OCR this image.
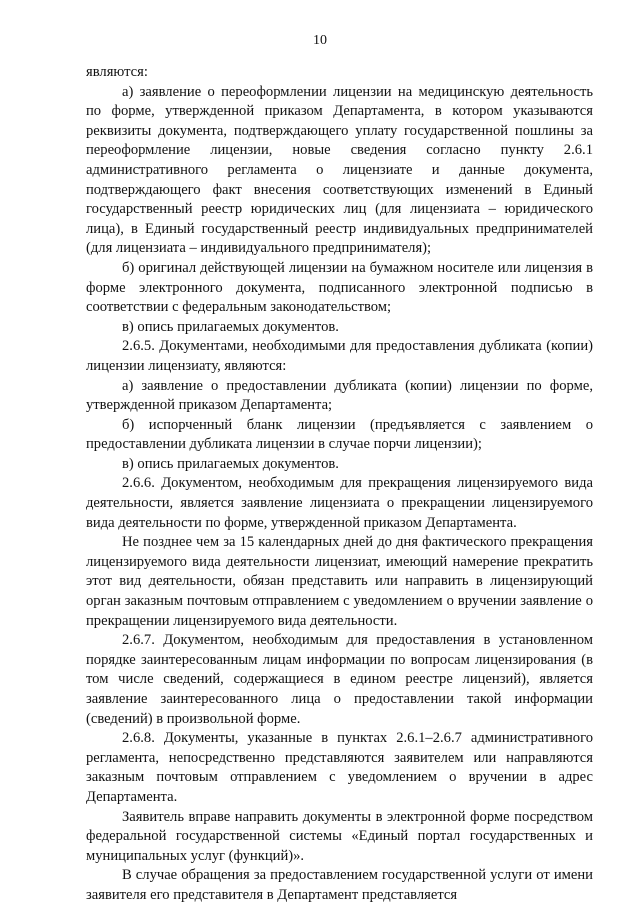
10

являются:

а) заявление о переоформлении лицензии на медицинскую деятельность по форме, утвержденной приказом Департамента, в котором указываются реквизиты документа, подтверждающего уплату государственной пошлины за переоформление лицензии, новые сведения согласно пункту 2.6.1 административного регламента о лицензиате и данные документа, подтверждающего факт внесения соответствующих изменений в Единый государственный реестр юридических лиц (для лицензиата – юридического лица), в Единый государственный реестр индивидуальных предпринимателей (для лицензиата – индивидуального предпринимателя);

б) оригинал действующей лицензии на бумажном носителе или лицензия в форме электронного документа, подписанного электронной подписью в соответствии с федеральным законодательством;

в) опись прилагаемых документов.

2.6.5. Документами, необходимыми для предоставления дубликата (копии) лицензии лицензиату, являются:

а) заявление о предоставлении дубликата (копии) лицензии по форме, утвержденной приказом Департамента;

б) испорченный бланк лицензии (предъявляется с заявлением о предоставлении дубликата лицензии в случае порчи лицензии);

в) опись прилагаемых документов.

2.6.6. Документом, необходимым для прекращения лицензируемого вида деятельности, является заявление лицензиата о прекращении лицензируемого вида деятельности по форме, утвержденной приказом Департамента.

Не позднее чем за 15 календарных дней до дня фактического прекращения лицензируемого вида деятельности лицензиат, имеющий намерение прекратить этот вид деятельности, обязан представить или направить в лицензирующий орган заказным почтовым отправлением с уведомлением о вручении заявление о прекращении лицензируемого вида деятельности.

2.6.7. Документом, необходимым для предоставления в установленном порядке заинтересованным лицам информации по вопросам лицензирования (в том числе сведений, содержащиеся в едином реестре лицензий), является заявление заинтересованного лица о предоставлении такой информации (сведений) в произвольной форме.

2.6.8. Документы, указанные в пунктах 2.6.1–2.6.7 административного регламента, непосредственно представляются заявителем или направляются заказным почтовым отправлением с уведомлением о вручении в адрес Департамента.

Заявитель вправе направить документы в электронной форме посредством федеральной государственной системы «Единый портал государственных и муниципальных услуг (функций)».

В случае обращения за предоставлением государственной услуги от имени заявителя его представителя в Департамент представляется
